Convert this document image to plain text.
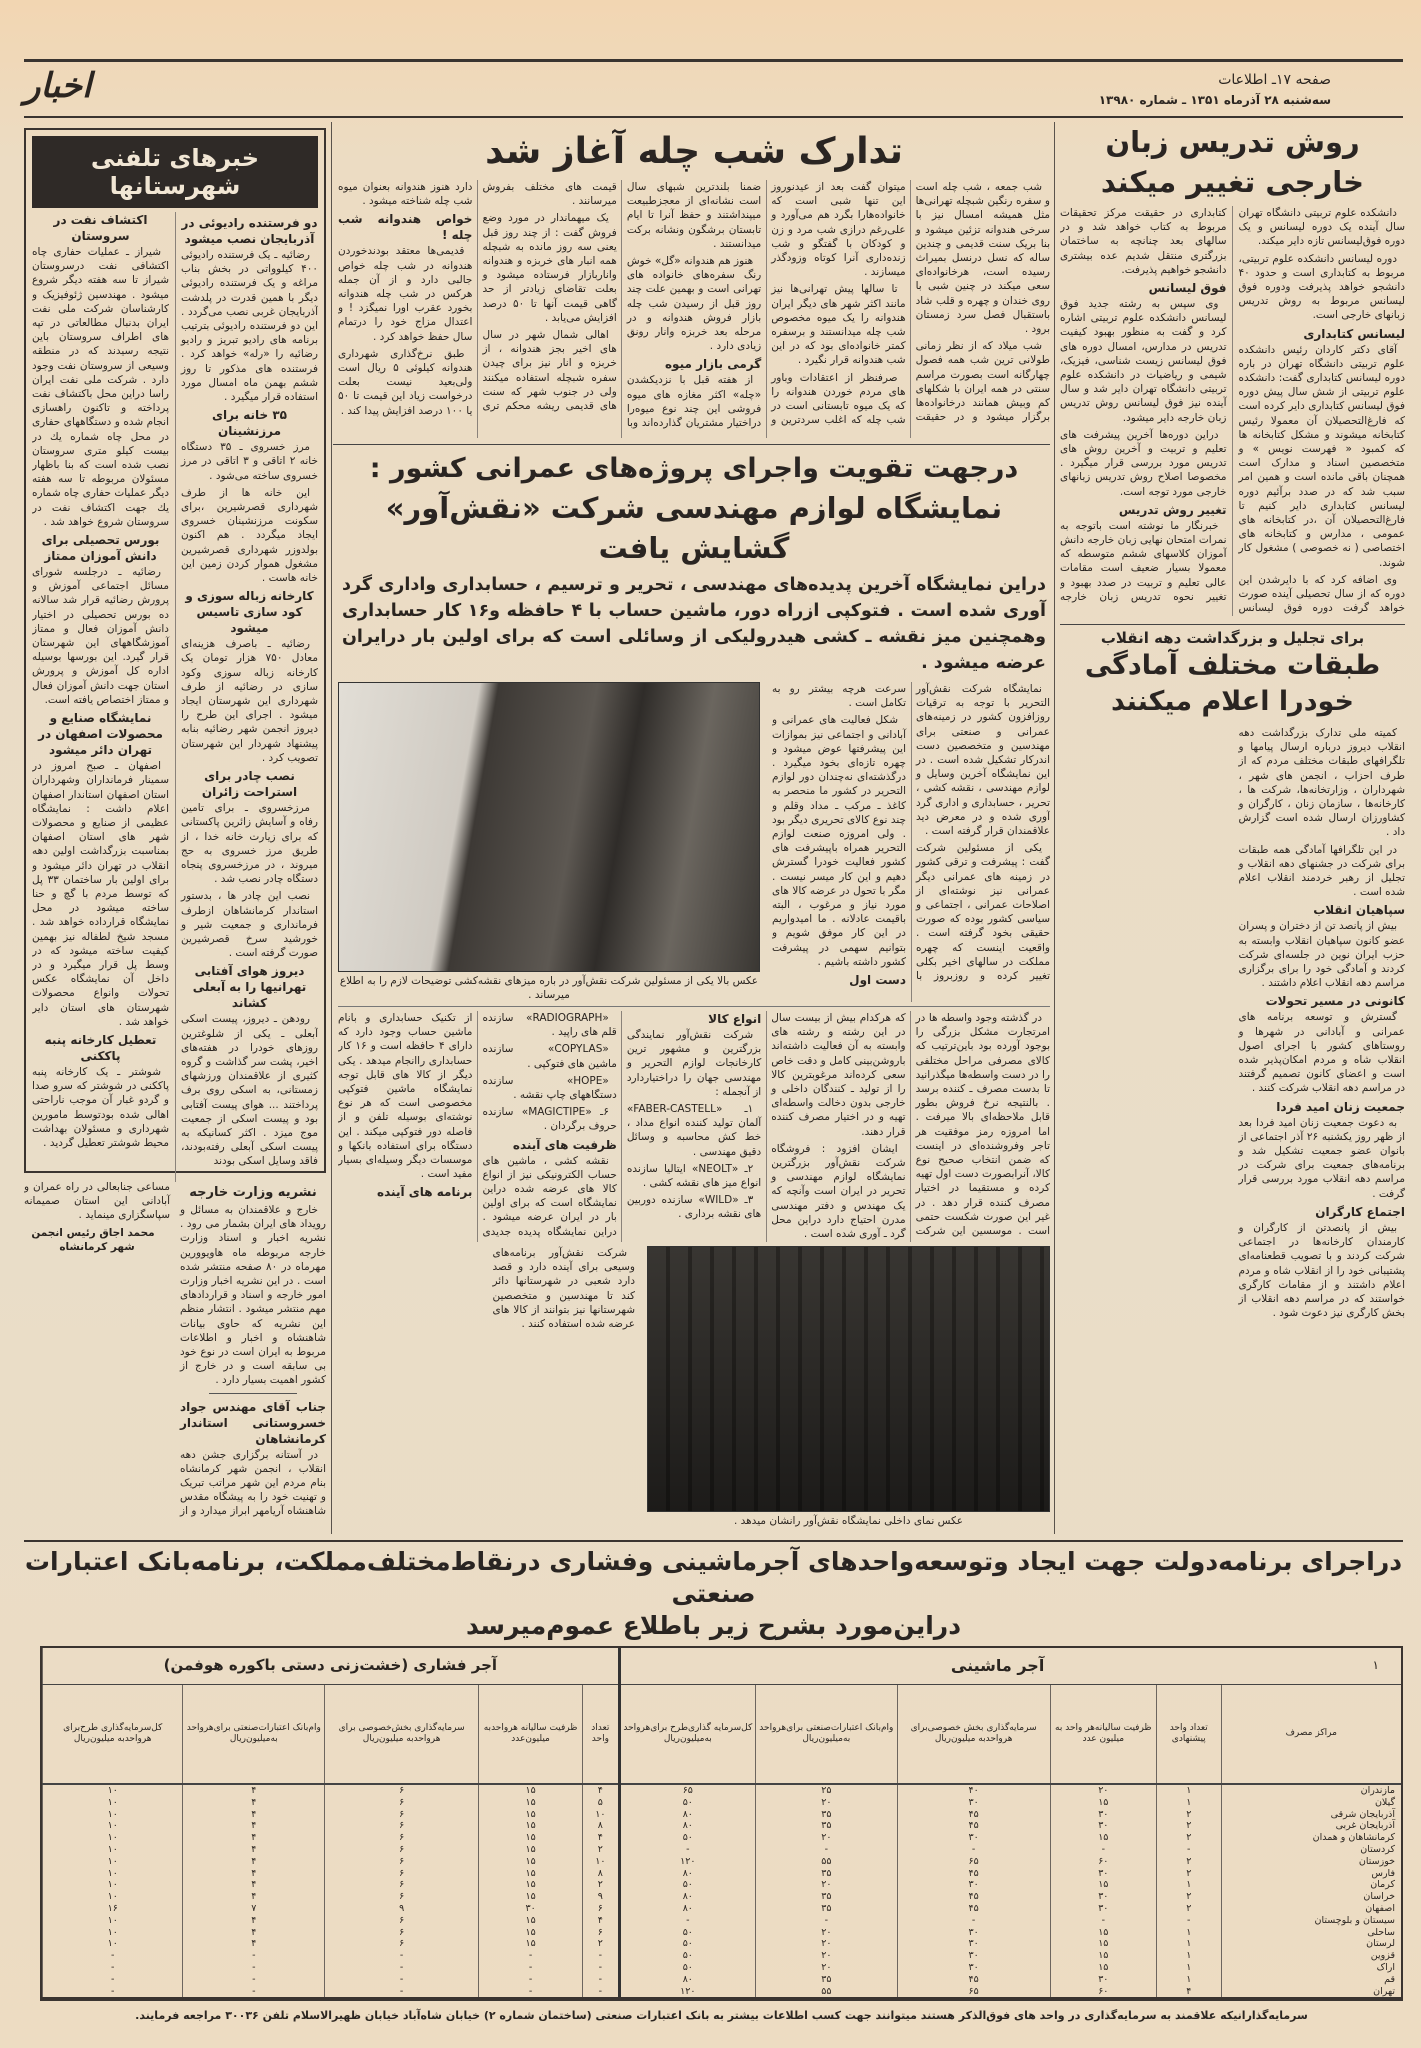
اخبار	صفحه ۱۷ـ اطلاعات
سه‌شنبه ۲۸ آذرماه ۱۳۵۱ ـ شماره ۱۳۹۸۰
خبرهای تلفنی شهرستانها
دو فرستنده رادیوئی در آذربایجان نصب میشود

رضائیه ـ یک فرستنده رادیوئی ۴۰۰ کیلوواتی در بخش بناب مراغه و یک فرستنده رادیوئی دیگر با همین قدرت در پلدشت آذربایجان غربی نصب می‌گردد . این دو فرستنده رادیوئی بترتیب برنامه های رادیو تبریز و رادیو رضائیه را «رله» خواهد کرد . فرستنده های مذکور تا روز ششم بهمن ماه امسال مورد استفاده قرار میگیرد .

۳۵ خانه برای مرزنشینان

مرز خسروی ـ ۳۵ دستگاه خانه ۲ اتاقی و ۳ اتاقی در مرز خسروی ساخته می‌شود .

این خانه ها از طرف شهرداری قصرشیرین ،برای سکونت مرزنشینان خسروی ایجاد میگردد . هم اکنون بولدوزر شهرداری قصرشیرین مشغول هموار کردن زمین این خانه هاست .

کارخانه زباله سوزی و کود سازی تاسیس میشود

رضائیه ـ باصرف هزینه‌ای معادل ۷۵۰ هزار تومان یک کارخانه زباله سوزی وکود سازی در رضائیه از طرف شهرداری این شهرستان ایجاد میشود . اجرای این طرح را دیروز انجمن شهر رضائیه بنابه پیشنهاد شهردار این شهرستان تصویب کرد .

نصب چادر برای استراحت زائران

مرزخسروی ـ برای تامین رفاه و آسایش زائرین پاکستانی که برای زیارت خانه خدا ، از طریق مرز خسروی به حج میروند ، در مرزخسروی پنجاه دستگاه چادر نصب شد .

نصب این چادر ها ، بدستور استاندار کرمانشاهان ازطرف فرمانداری و جمعیت شیر و خورشید سرخ قصرشیرین صورت گرفته است .

دیروز هوای آفتابی تهرانیها را به آبعلی کشاند

رودهن ـ دیروز، پیست اسکی آبعلی ـ یکی از شلوغترین روزهای خودرا در هفته‌های اخیر، پشت سر گذاشت و گروه کثیری از علاقمندان ورزشهای زمستانی، به اسکی روی برف پرداختند ... هوای پیست آفتابی بود و پیست اسکی از جمعیت موج میزد . اکثر کسانیکه به پیست اسکی آبعلی رفته‌بودند، فاقد وسایل اسکی بودند

اکتشاف نفت در سروستان

شیراز ـ عملیات حفاری چاه اکتشافی نفت درسروستان شیراز تا سه هفته دیگر شروع میشود . مهندسین ژئوفیزیک و کارشناسان شرکت ملی نفت ایران بدنبال مطالعاتی در تپه های اطراف سروستان باین نتیجه رسیدند که در منطقه وسیعی از سروستان نفت وجود دارد . شرکت ملی نفت ایران راسا دراین محل باکتشاف نفت پرداخته و تاکنون راهسازی انجام شده و دستگاههای حفاری در محل چاه شماره یك در بیست کیلو متری سروستان نصب شده است که بنا باظهار مسئولان مربوطه تا سه هفته دیگر عملیات حفاری چاه شماره یك جهت اکتشاف نفت در سروستان شروع خواهد شد .

بورس تحصیلی برای دانش آموزان ممتاز

رضائیه ـ درجلسه شورای مسائل اجتماعی آموزش و پرورش رضائیه قرار شد سالانه ده بورس تحصیلی در اختیار دانش آموزان فعال و ممتاز آموزشگاههای این شهرستان قرار گیرد. این بورسها بوسیله اداره کل آموزش و پرورش استان جهت دانش آموزان فعال و ممتاز اختصاص یافته است.

نمایشگاه صنایع و محصولات اصفهان در تهران دائر میشود

اصفهان ـ صبح امروز در سمینار فرمانداران وشهرداران استان اصفهان استاندار اصفهان اعلام داشت : نمایشگاه عظیمی از صنایع و محصولات شهر های استان اصفهان بمناسبت بزرگداشت اولین دهه انقلاب در تهران دائر میشود و برای اولین بار ساختمان ۳۳ پل که توسط مردم با گچ و حنا ساخته میشود در محل نمایشگاه قرارداده خواهد شد . مسجد شیخ لطفاله نیز بهمین کیفیت ساخته میشود که در وسط پل قرار میگیرد و در داخل آن نمایشگاه عکس تحولات وانواع محصولات شهرستان های استان دایر خواهد شد .

تعطیل کارخانه پنبه پاککنی

شوشتر ـ یک کارخانه پنبه پاککنی در شوشتر که سرو صدا و گردو غبار آن موجب ناراحتی اهالی شده بودتوسط مامورین شهرداری و مسئولان بهداشت محیط شوشتر تعطیل گردید .

نشریه وزارت خارجه

خارج و علاقمندان به مسائل و رویداد های ایران بشمار می رود . نشریه اخبار و اسناد وزارت خارجه مربوطه ماه هاویوورین مهرماه در ۸۰ صفحه منتشر شده است . در این نشریه اخبار وزارت امور خارجه و اسناد و قراردادهای مهم منتشر میشود . انتشار منظم این نشریه که حاوی بیانات شاهنشاه و اخبار و اطلاعات مربوط به ایران است در نوع خود بی سابقه است و در خارج از کشور اهمیت بسیار دارد .

جناب آقای مهندس جواد خسروستانی استاندار کرمانشاهان

در آستانه برگزاری جشن دهه انقلاب ، انجمن شهر کرمانشاه بنام مردم این شهر مراتب تبریک و تهنیت خود را به پیشگاه مقدس شاهنشاه آریامهر ابراز میدارد و از مساعی جنابعالی در راه عمران و آبادانی این استان صمیمانه سپاسگزاری مینماید .

محمد اجاق رئیس انجمن شهر کرمانشاه

تدارک شب چله آغاز شد

شب جمعه ، شب چله است و سفره رنگین شبچله تهرانی‌ها مثل همیشه امسال نیز با سرخی هندوانه تزئین میشود و بنا بریک سنت قدیمی و چندین ساله که نسل درنسل بمیراث رسیده است، هرخانواده‌ای سعی میکند در چنین شبی با روی خندان و چهره و قلب شاد باستقبال فصل سرد زمستان برود .

شب میلاد که از نظر زمانی طولانی ترین شب همه فصول چهارگانه است بصورت مراسم سنتی در همه ایران با شکلهای کم وبیش همانند درخانواده‌ها برگزار میشود و در حقیقت میتوان گفت بعد از عیدنوروز این تنها شبی است که خانواده‌هارا بگرد هم می‌آورد و علی‌رغم درازی شب مرد و زن و کودکان با گفتگو و شب زنده‌داری آنرا کوتاه وزودگذر میسازند .

تا سالها پیش تهرانی‌ها نیز مانند اکثر شهر های دیگر ایران هندوانه را یک میوه مخصوص شب چله میدانستند و برسفره کمتر خانواده‌ای بود که در این شب هندوانه قرار نگیرد .

صرفنظر از اعتقادات وباور های مردم خوردن هندوانه را که یک میوه تابستانی است در شب چله که اغلب سردترین و ضمنا بلندترین شبهای سال است نشانه‌ای از معجزطبیعت میپنداشتند و حفظ آنرا تا ایام تابستان برشگون ونشانه برکت میدانستند .

هنوز هم هندوانه «گل» خوش رنگ سفره‌های خانواده های تهرانی است و بهمین علت چند روز قبل از رسیدن شب چله بازار فروش هندوانه و در مرحله بعد خربزه وانار رونق زیادی دارد .

گرمی بازار میوه

از هفته قبل با نزدیکشدن «چله» اکثر مغازه های میوه فروشی این چند نوع میوه‌را دراختیار مشتریان گذارده‌اند وبا قیمت های مختلف بفروش میرسانند .

یک میهماندار در مورد وضع فروش گفت : از چند روز قبل یعنی سه روز مانده به شبچله همه انبار های خربزه و هندوانه واناربازار فرستاده میشود و بعلت تقاضای زیادتر از حد گاهی قیمت آنها تا ۵۰ درصد افزایش می‌یابد .

اهالی شمال شهر در سال های اخیر بجز هندوانه ، از خربزه و انار نیز برای چیدن سفره شبچله استفاده میکنند ولی در جنوب شهر که سنت های قدیمی ریشه محکم تری دارد هنوز هندوانه بعنوان میوه شب چله شناخته میشود .

خواص هندوانه شب چله !

قدیمی‌ها معتقد بودندخوردن هندوانه در شب چله خواص جالبی دارد و از آن جمله هرکس در شب چله هندوانه بخورد عقرب اورا نمیگزد ! و اعتدال مزاج خود را درتمام سال حفظ خواهد کرد .

طبق نرخ‌گذاری شهرداری هندوانه کیلوئی ۵ ریال است ولی‌بعید نیست بعلت درخواست زیاد این قیمت تا ۵۰ یا ۱۰۰ درصد افزایش پیدا کند .

درجهت تقویت واجرای پروژه‌های عمرانی کشور :
نمایشگاه لوازم مهندسی شرکت «نقش‌آور» گشایش یافت
دراین نمایشگاه آخرین پدیده‌های مهندسی ، تحریر و ترسیم ، حسابداری واداری گرد آوری شده است . فتوکپی ازراه دور، ماشین حساب با ۴ حافظه و۱۶ کار حسابداری وهمچنین میز نقشه ـ کشی هیدرولیکی از وسائلی است که برای اولین بار درایران عرضه میشود .

نمایشگاه شرکت نقش‌آور التحریر با توجه به ترقیات روزافزون کشور در زمینه‌های عمرانی و صنعتی برای مهندسین و متخصصین دست اندرکار تشکیل شده است . در این نمایشگاه آخرین وسایل و لوازم مهندسی ، نقشه کشی ، تحریر ، حسابداری و اداری گرد آوری شده و در معرض دید علاقمندان قرار گرفته است .

یکی از مسئولین شرکت گفت : پیشرفت و ترقی کشور در زمینه های عمرانی دیگر عمرانی نیز نوشته‌ای از اصلاحات عمرانی ، اجتماعی و سیاسی کشور بوده که صورت حقیقی بخود گرفته است . واقعیت اینست که چهره مملکت در سالهای اخیر بکلی تغییر کرده و روزبروز با سرعت هرچه بیشتر رو به تکامل است .

شکل فعالیت های عمرانی و آبادانی و اجتماعی نیز بموازات این پیشرفتها عوض میشود و چهره تازه‌ای بخود میگیرد . درگذشته‌ای نه‌چندان دور لوازم التحریر در کشور ما منحصر به کاغذ ـ مرکب ـ مداد وقلم و چند نوع کالای تحریری دیگر بود . ولی امروزه صنعت لوازم التحریر همراه باپیشرفت های کشور فعالیت خودرا گسترش دهیم و این کار میسر نیست . مگر با تحول در عرضه کالا های مورد نیاز و مرغوب ، البته باقیمت عادلانه . ما امیدواریم در این کار موفق شویم و بتوانیم سهمی در پیشرفت کشور داشته باشیم .

دست اول
عکس بالا یکی از مسئولین شرکت نقش‌آور در باره میزهای نقشه‌کشی توضیحات لازم را به اطلاع میرساند .

در گذشته وجود واسطه ها در امرتجارت مشکل بزرگی را بوجود آورده بود باین‌ترتیب که کالای مصرفی مراحل مختلفی را در دست واسطه‌ها میگذرانید تا بدست مصرف ـ کننده برسد . بالنتیجه نرخ فروش بطور قابل ملاحظه‌ای بالا میرفت . اما امروزه رمز موفقیت هر تاجر وفروشنده‌ای در اینست که ضمن انتخاب صحیح نوع کالا، آنرابصورت دست اول تهیه کرده و مستقیما در اختیار مصرف کننده قرار دهد . در غیر این صورت شکست حتمی است . موسسین این شرکت که هرکدام بیش از بیست سال در این رشته و رشته های وابسته به آن فعالیت داشته‌اند باروشن‌بینی کامل و دقت خاص سعی کرده‌اند مرغوبترین کالا را از تولید ـ کنندگان داخلی و خارجی بدون دخالت واسطه‌ای تهیه و در اختیار مصرف کننده قرار دهند.

ایشان افزود : فروشگاه شرکت نقش‌آور بزرگترین نمایشگاه لوازم مهندسی و تحریر در ایران است وآنچه که یک مهندس و دفتر مهندسی مدرن احتیاج دارد دراین محل گرد ـ آوری شده است .

انواع کالا

شرکت نقش‌آور نمایندگی بزرگترین و مشهور ترین کارخانجات لوازم التحریر و مهندسی جهان را دراختیاردارد از آنجمله :

۱ـ «FABER-CASTELL» آلمان تولید کننده انواع مداد ، خط کش محاسبه و وسائل دقیق مهندسی .

۲ـ «NEOLT» ایتالیا سازنده انواع میز های نقشه کشی .

۳ـ «WILD» سازنده دوربین های نقشه برداری .

«RADIOGRAPH» سازنده قلم های راپید .

«COPYLAS» سازنده ماشین های فتوکپی .

«HOPE» سازنده دستگاههای چاپ نقشه .

۶ـ «MAGICTIPE» سازنده حروف برگردان .

ظرفیت های آینده

نقشه کشی ، ماشین های حساب الکترونیکی نیز از انواع کالا های عرضه شده دراین نمایشگاه است که برای اولین بار در ایران عرضه میشود . دراین نمایشگاه پدیده جدیدی از تکنیک حسابداری و بانام ماشین حساب وجود دارد که دارای ۴ حافظه است و ۱۶ کار حسابداری راانجام میدهد . یکی دیگر از کالا های قابل توجه نمایشگاه ماشین فتوکپی مخصوصی است که هر نوع نوشته‌ای بوسیله تلفن و از فاصله دور فتوکپی میکند . این دستگاه برای استفاده بانکها و موسسات دیگر وسیله‌ای بسیار مفید است .

برنامه های آینده
عکس نمای داخلی نمایشگاه نقش‌آور رانشان میدهد .

شرکت نقش‌آور برنامه‌های وسیعی برای آینده دارد و قصد دارد شعبی در شهرستانها دائر کند تا مهندسین و متخصصین شهرستانها نیز بتوانند از کالا های عرضه شده استفاده کنند .

روش تدریس زبان خارجی تغییر میکند

دانشکده علوم تربیتی دانشگاه تهران سال آینده یک دوره لیسانس و یک دوره فوق‌لیسانس تازه دایر میکند.

دوره لیسانس دانشکده علوم تربیتی، مربوط به کتابداری است و حدود ۴۰ دانشجو خواهد پذیرفت ودوره فوق لیسانس مربوط به روش تدریس زبانهای خارجی است.

لیسانس کتابداری

آقای دکتر کاردان رئیس دانشکده علوم تربیتی دانشگاه تهران در باره دوره لیسانس کتابداری گفت: دانشکده علوم تربیتی از شش سال پیش دوره فوق لیسانس کتابداری دایر کرده است که فارغ‌التحصیلان آن معمولا رئیس کتابخانه میشوند و مشکل کتابخانه ها که کمبود « فهرست نویس » و متخصصین اسناد و مدارک است همچنان باقی مانده است و همین امر سبب شد که در صدد برآئیم دوره لیسانس کتابداری دایر کنیم تا فارغ‌التحصیلان آن ،در کتابخانه های عمومی ، مدارس و کتابخانه های اختصاصی ( نه خصوصی ) مشغول کار شوند.

وی اضافه کرد که با دایرشدن این دوره که از سال تحصیلی آینده صورت خواهد گرفت دوره فوق لیسانس کتابداری در حقیقت مرکز تحقیقات مربوط به کتاب خواهد شد و در سالهای بعد چنانچه به ساختمان بزرگتری منتقل شدیم عده بیشتری دانشجو خواهیم پذیرفت.

فوق لیسانس

وی سپس به رشته جدید فوق لیسانس دانشکده علوم تربیتی اشاره کرد و گفت به منظور بهبود کیفیت تدریس در مدارس، امسال دوره های فوق لیسانس زیست شناسی، فیزیک، شیمی و ریاضیات در دانشکده علوم تربیتی دانشگاه تهران دایر شد و سال آینده نیز فوق لیسانس روش تدریس زبان خارجه دایر میشود.

دراین دوره‌ها آخرین پیشرفت های تعلیم و تربیت و آخرین روش های تدریس مورد بررسی قرار میگیرد . مخصوصا اصلاح روش تدریس زبانهای خارجی مورد توجه است.

تغییر روش تدریس

خبرنگار ما نوشته است باتوجه به نمرات امتحان نهایی زبان خارجه دانش آموزان کلاسهای ششم متوسطه که معمولا بسیار ضعیف است مقامات عالی تعلیم و تربیت در صدد بهبود و تغییر نحوه تدریس زبان خارجه

برای تجلیل و بزرگداشت دهه انقلاب
طبقات مختلف آمادگی خودرا اعلام میکنند

کمیته ملی تدارک بزرگداشت دهه انقلاب دیروز درباره ارسال پیامها و تلگرافهای طبقات مختلف مردم که از طرف احزاب ، انجمن های شهر ، شهرداران ، وزارتخانه‌ها، شرکت ها ، کارخانه‌ها ، سازمان زنان ، کارگران و کشاورزان ارسال شده است گزارش داد .

در این تلگرافها آمادگی همه طبقات برای شرکت در جشنهای دهه انقلاب و تجلیل از رهبر خردمند انقلاب اعلام شده است .

سپاهیان انقلاب

بیش از پانصد تن از دختران و پسران عضو کانون سپاهیان انقلاب وابسته به حزب ایران نوین در جلسه‌ای شرکت کردند و آمادگی خود را برای برگزاری مراسم دهه انقلاب اعلام داشتند .

کانونی در مسیر تحولات

گسترش و توسعه برنامه های عمرانی و آبادانی در شهرها و روستاهای کشور با اجرای اصول انقلاب شاه و مردم امکان‌پذیر شده است و اعضای کانون تصمیم گرفتند در مراسم دهه انقلاب شرکت کنند .

جمعیت زنان امید فردا

به دعوت جمعیت زنان امید فردا بعد از ظهر روز یکشنبه ۲۶ آذر اجتماعی از بانوان عضو جمعیت تشکیل شد و برنامه‌های جمعیت برای شرکت در مراسم دهه انقلاب مورد بررسی قرار گرفت .

اجتماع کارگران

بیش از پانصدتن از کارگران و کارمندان کارخانه‌ها در اجتماعی شرکت کردند و با تصویب قطعنامه‌ای پشتیبانی خود را از انقلاب شاه و مردم اعلام داشتند و از مقامات کارگری خواستند که در مراسم دهه انقلاب از بخش کارگری نیز دعوت شود .

دراجرای برنامه‌دولت جهت ایجاد وتوسعه‌واحدهای آجرماشینی وفشاری درنقاط‌مختلف‌مملکت، برنامه‌بانک اعتبارات صنعتی
دراین‌مورد بشرح زیر باطلاع عموم‌میرسد
۱
آجر ماشینی						آجر فشاری (خشت‌زنی دستی باکوره هوفمن)				
مراکز مصرف	تعداد واحد پیشنهادی	ظرفیت سالیانه‌هر واحد به میلیون عدد	سرمایه‌گذاری بخش خصوصی‌برای هرواحدبه میلیون‌ریال	وام‌بانک اعتبارات‌صنعتی برای‌هرواحد به‌میلیون‌ریال	کل‌سرمایه گذاری‌طرح برای‌هرواحد به‌میلیون‌ریال	تعداد واحد	ظرفیت سالیانه هرواحدبه میلیون‌عدد	سرمایه‌گذاری بخش‌خصوصی برای هرواحدبه میلیون‌ریال	وام‌بانک اعتبارات‌صنعتی برای‌هرواحد به‌میلیون‌ریال	کل‌سرمایه‌گذاری طرح‌برای هرواحدبه میلیون‌ریال
مازندران	۱	۲۰	۴۰	۲۵	۶۵	۴	۱۵	۶	۴	۱۰
گیلان	۱	۱۵	۳۰	۲۰	۵۰	۵	۱۵	۶	۴	۱۰
آذربایجان شرقی	۲	۳۰	۴۵	۳۵	۸۰	۱۰	۱۵	۶	۴	۱۰
آذربایجان غربی	۲	۳۰	۴۵	۳۵	۸۰	۸	۱۵	۶	۴	۱۰
کرمانشاهان و همدان	۲	۱۵	۳۰	۲۰	۵۰	۴	۱۵	۶	۴	۱۰
کردستان	-	-	-	-	-	۲	۱۵	۶	۴	۱۰
خوزستان	۲	۶۰	۶۵	۵۵	۱۲۰	۱۰	۱۵	۶	۴	۱۰
فارس	۲	۳۰	۴۵	۳۵	۸۰	۸	۱۵	۶	۴	۱۰
کرمان	۱	۱۵	۳۰	۲۰	۵۰	۲	۱۵	۶	۴	۱۰
خراسان	۲	۳۰	۴۵	۳۵	۸۰	۹	۱۵	۶	۴	۱۰
اصفهان	۲	۳۰	۴۵	۳۵	۸۰	۶	۳۰	۹	۷	۱۶
سیستان و بلوچستان	-	-	-	-	-	۴	۱۵	۶	۴	۱۰
ساحلی	۱	۱۵	۳۰	۲۰	۵۰	۶	۱۵	۶	۴	۱۰
لرستان	۱	۱۵	۳۰	۲۰	۵۰	۲	۱۵	۶	۴	۱۰
قزوین	۱	۱۵	۳۰	۲۰	۵۰	-	-	-	-	-
اراک	۱	۱۵	۳۰	۲۰	۵۰	-	-	-	-	-
قم	۱	۳۰	۴۵	۳۵	۸۰	-	-	-	-	-
تهران	۴	۶۰	۶۵	۵۵	۱۲۰	-	-	-	-	-
سرمایه‌گذارانیکه علاقمند به سرمایه‌گذاری در واحد های فوق‌الذکر هستند میتوانند جهت کسب اطلاعات بیشتر به بانک اعتبارات صنعتی (ساختمان شماره ۲) خیابان شاه‌آباد خیابان ظهیرالاسلام تلفن ۳۰۰۳۶ مراجعه فرمایند.
